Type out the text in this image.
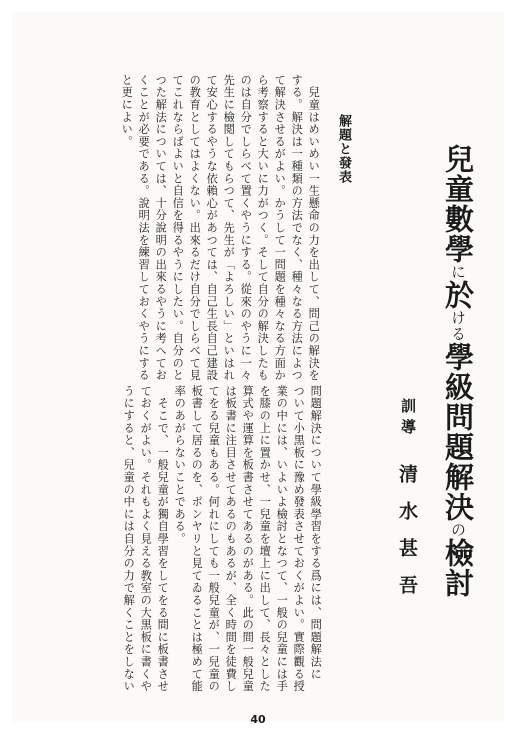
兒童數學に於ける學級問題解決の檢討
訓導
清水甚吾
問題解決について學級學習をする爲には、問題解法に
ついて小黒板に豫め發表させておくがよい。實際觀る授
業の中には、いよいよ檢討となつて、一般の兒童には手
を膝の上に置かせ、一兒童を壇上に出して、長々とした
算式や運算を板書させてあるのがある。此の間一般兒童
は板書に注目させてあるのもあるが、全く時間を徒費し
てをる兒童もある。何れにしても一般兒童が、一兒童の
板書して居るのを、ボンヤリと見てゐることは極めて能
率のあがらないことである。
　そこで、一般兒童が獨自學習をしてをる間に板書させ
ておくがよい。それもよく見える教室の大黒板に書くや
うにすると、兒童の中には自分の力で解くことをしない
解題と發表
　兒童はめいめい一生懸命の力を出して、問己の解決を
する。解決は一種類の方法でなく、種々なる方法によつ
て解決させるがよい。かうして一問題を種々なる方面か
ら考察すると大いに力がつく。そして自分の解決したも
のは自分でしらべて置くやうにする。從來のやうに一々
先生に檢閲してもらつて、先生が「よろしい」といはれ
て安心するやうな依賴心があつては、自己生長自己建設
の教育としてはよくない。出來るだけ自分でしらべて見
てこれならばよいと自信を得るやうにしたい。自分のと
つた解法については、十分說明の出來るやうに考へてお
くことが必要である。說明法を練習しておくやうにする
と更によい。
40
